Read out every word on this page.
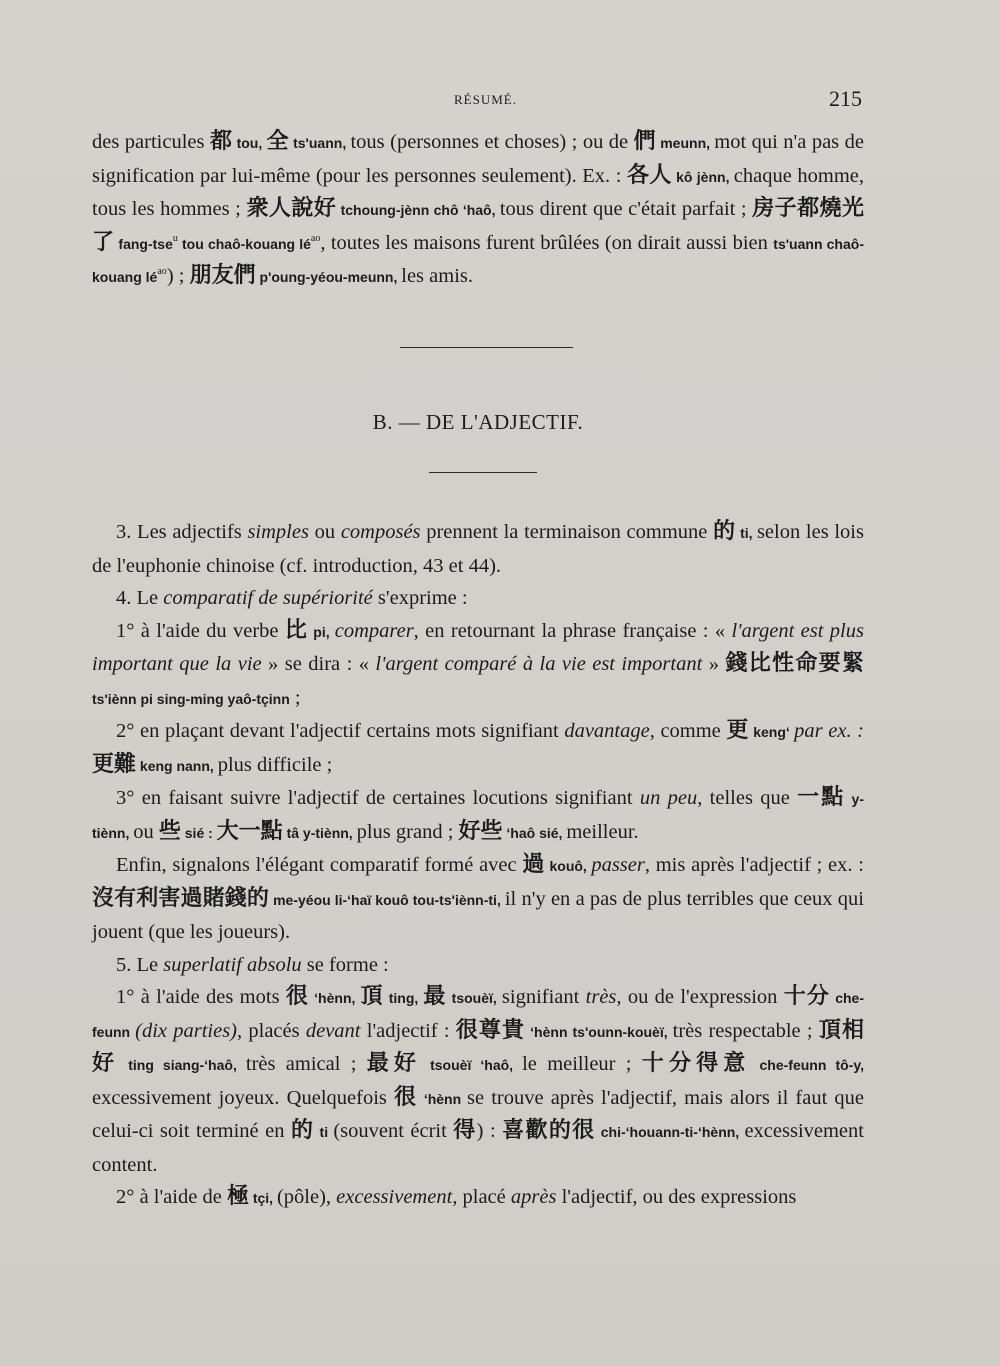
RÉSUMÉ.	215

des particules 都 tou, 全 ts'uann, tous (personnes et choses) ; ou de 們 meunn, mot qui n'a pas de signification par lui-même (pour les personnes seulement). Ex. : 各人 kô jènn, chaque homme, tous les hommes ; 衆人說好 tchoung-jènn chô ‘haô, tous dirent que c'était parfait ; 房子都燒光了 fang-tse$^u$ tou chaô-kouang $lé^{ao}$, toutes les maisons furent brûlées (on dirait aussi bien ts'uann chaô-kouang $lé^{ao}$) ; 朋友們 p'oung-yéou-meunn, les amis.

B. — DE L'ADJECTIF.

3. Les adjectifs simples ou composés prennent la terminaison commune 的 ti, selon les lois de l'euphonie chinoise (cf. introduction, 43 et 44).

4. Le comparatif de supériorité s'exprime :

1° à l'aide du verbe 比 pi, comparer, en retournant la phrase française : « l'argent est plus important que la vie » se dira : « l'argent comparé à la vie est important » 錢比性命要緊 ts'iènn pi sing-ming yaô-tçinn ;

2° en plaçant devant l'adjectif certains mots signifiant davantage, comme 更 keng‘ par ex. : 更難 keng nann, plus difficile ;

3° en faisant suivre l'adjectif de certaines locutions signifiant un peu, telles que 一點 y-tiènn, ou 些 sié : 大一點 tâ y-tiènn, plus grand ; 好些 ‘haô sié, meilleur.

Enfin, signalons l'élégant comparatif formé avec 過 kouô, passer, mis après l'adjectif ; ex. : 沒有利害過賭錢的 me-yéou li-‘haï kouô tou-ts'iènn-ti, il n'y en a pas de plus terribles que ceux qui jouent (que les joueurs).

5. Le superlatif absolu se forme :

1° à l'aide des mots 很 ‘hènn, 頂 ting, 最 tsouèï, signifiant très, ou de l'expression 十分 che-feunn (dix parties), placés devant l'adjectif : 很尊貴 ‘hènn ts'ounn-kouèï, très respectable ; 頂相好 ting siang-‘haô, très amical ; 最好 tsouèï ‘haô, le meilleur ; 十分得意 che-feunn tô-y, excessivement joyeux. Quelquefois 很 ‘hènn se trouve après l'adjectif, mais alors il faut que celui-ci soit terminé en 的 ti (souvent écrit 得) : 喜歡的很 chi-‘houann-ti-‘hènn, excessivement content.

2° à l'aide de 極 tçi, (pôle), excessivement, placé après l'adjectif, ou des expressions
